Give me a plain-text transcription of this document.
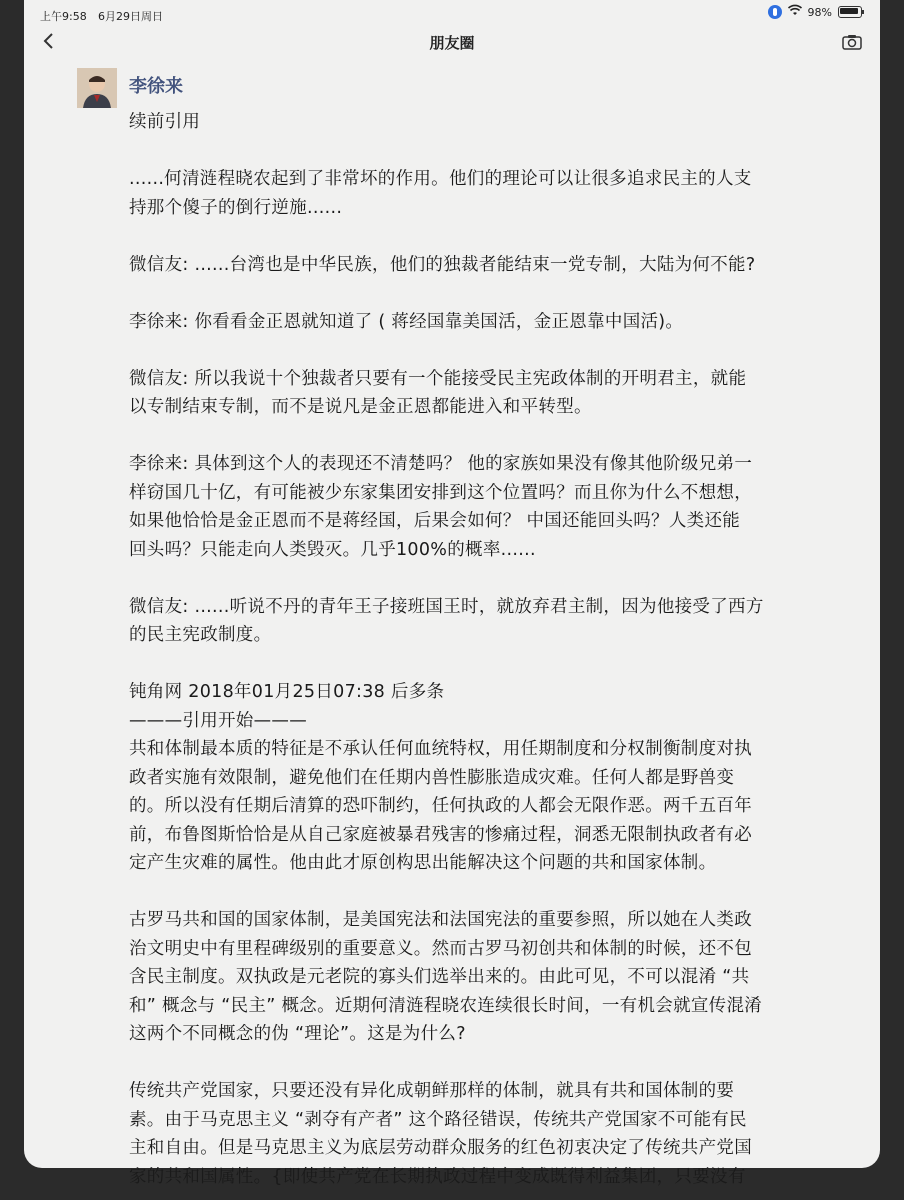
上午9:58 6月29日周日	98%
朋友圈
李徐来

续前引用

......何清涟程晓农起到了非常坏的作用。他们的理论可以让很多追求民主的人支

持那个傻子的倒行逆施......

微信友: ......台湾也是中华民族，他们的独裁者能结束一党专制，大陆为何不能?

李徐来: 你看看金正恩就知道了 ( 蒋经国靠美国活，金正恩靠中国活)。

微信友: 所以我说十个独裁者只要有一个能接受民主宪政体制的开明君主，就能

以专制结束专制，而不是说凡是金正恩都能进入和平转型。

李徐来: 具体到这个人的表现还不清楚吗？ 他的家族如果没有像其他阶级兄弟一

样窃国几十亿，有可能被少东家集团安排到这个位置吗？而且你为什么不想想，

如果他恰恰是金正恩而不是蒋经国，后果会如何？ 中国还能回头吗？人类还能

回头吗？只能走向人类毁灭。几乎100%的概率......

微信友: ......听说不丹的青年王子接班国王时，就放弃君主制，因为他接受了西方

的民主宪政制度。

钝角网 2018年01月25日07:38 后多条

———引用开始———

共和体制最本质的特征是不承认任何血统特权，用任期制度和分权制衡制度对执

政者实施有效限制，避免他们在任期内兽性膨胀造成灾难。任何人都是野兽变

的。所以没有任期后清算的恐吓制约，任何执政的人都会无限作恶。两千五百年

前，布鲁图斯恰恰是从自己家庭被暴君残害的惨痛过程，洞悉无限制执政者有必

定产生灾难的属性。他由此才原创构思出能解决这个问题的共和国家体制。

古罗马共和国的国家体制，是美国宪法和法国宪法的重要参照，所以她在人类政

治文明史中有里程碑级别的重要意义。然而古罗马初创共和体制的时候，还不包

含民主制度。双执政是元老院的寡头们选举出来的。由此可见，不可以混淆 “共

和” 概念与 “民主” 概念。近期何清涟程晓农连续很长时间，一有机会就宣传混淆

这两个不同概念的伪 “理论”。这是为什么?

传统共产党国家，只要还没有异化成朝鲜那样的体制，就具有共和国体制的要

素。由于马克思主义 “剥夺有产者” 这个路径错误，传统共产党国家不可能有民

主和自由。但是马克思主义为底层劳动群众服务的红色初衷决定了传统共产党国

家的共和国属性。{即使共产党在长期执政过程中变成既得利益集团，只要没有
